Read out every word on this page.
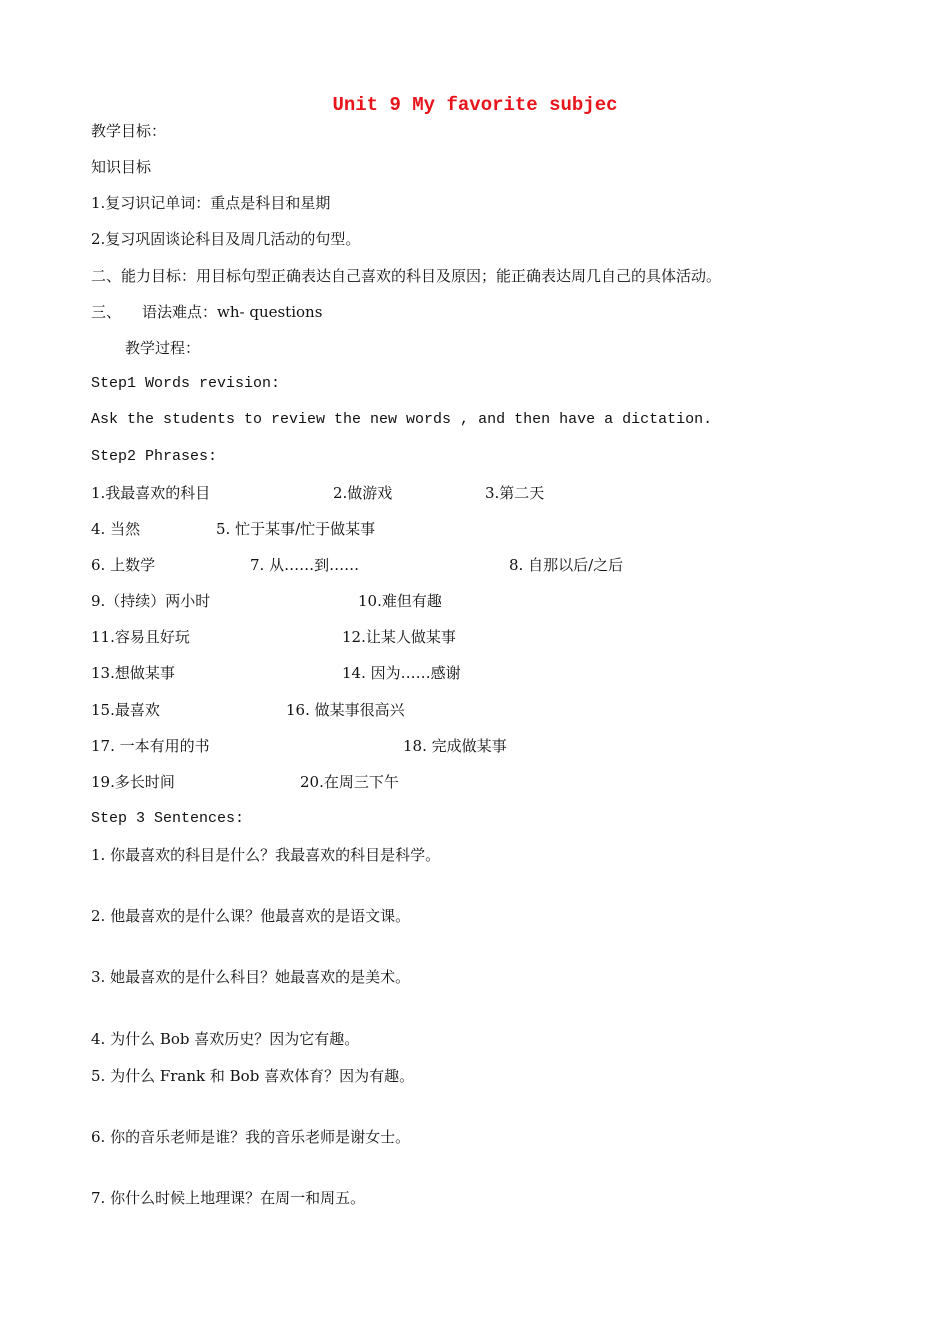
Unit 9 My favorite subjec
教学目标：
知识目标
1.复习识记单词：重点是科目和星期
2.复习巩固谈论科目及周几活动的句型。
二、能力目标：用目标句型正确表达自己喜欢的科目及原因；能正确表达周几自己的具体活动。
三、 语法难点：wh- questions
教学过程：
Step1 Words revision:
Ask the students to review the new words , and then have a dictation.
Step2 Phrases:
1.我最喜欢的科目	2.做游戏	3.第二天
4. 当然	5. 忙于某事/忙于做某事
6. 上数学	7. 从……到……	8. 自那以后/之后
9.（持续）两小时	10.难但有趣
11.容易且好玩	12.让某人做某事
13.想做某事	14. 因为……感谢
15.最喜欢	16. 做某事很高兴
17. 一本有用的书	18. 完成做某事
19.多长时间	20.在周三下午
Step 3 Sentences:
1. 你最喜欢的科目是什么？我最喜欢的科目是科学。
2. 他最喜欢的是什么课？他最喜欢的是语文课。
3. 她最喜欢的是什么科目？她最喜欢的是美术。
4. 为什么 Bob 喜欢历史？因为它有趣。
5. 为什么 Frank 和 Bob 喜欢体育？因为有趣。
6. 你的音乐老师是谁？我的音乐老师是谢女士。
7. 你什么时候上地理课？在周一和周五。
